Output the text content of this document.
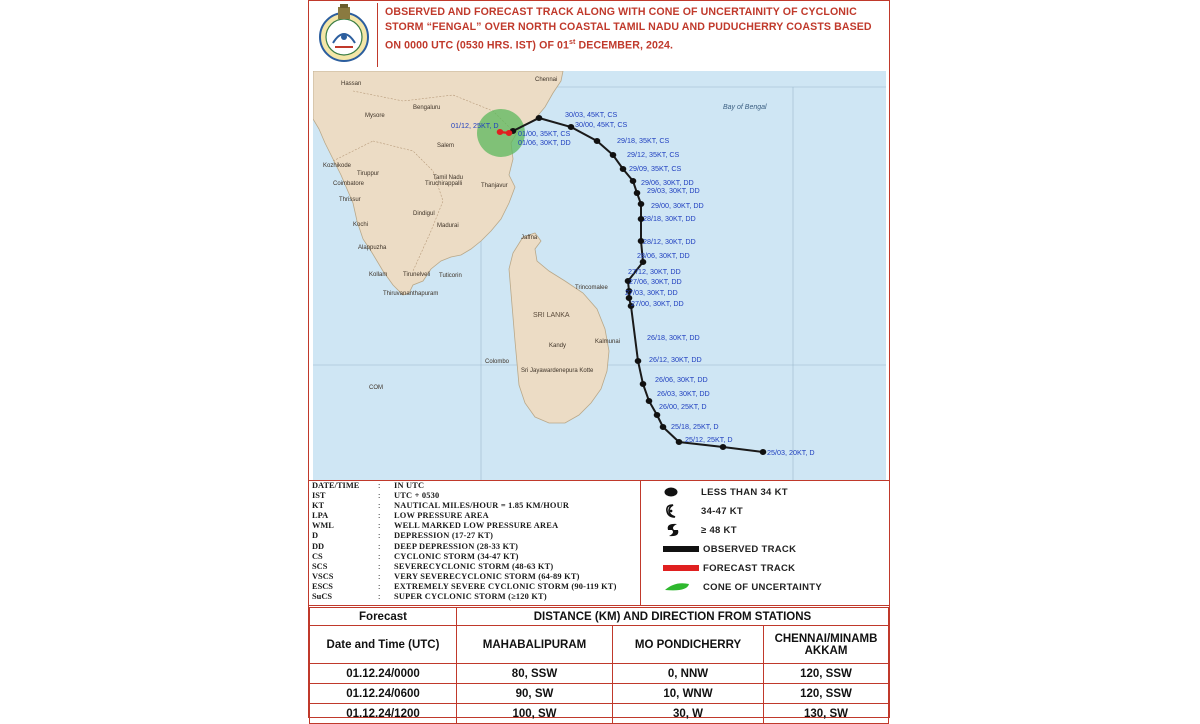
OBSERVED AND FORECAST TRACK ALONG WITH CONE OF UNCERTAINITY OF CYCLONIC
STORM “FENGAL” OVER NORTH COASTAL TAMIL NADU AND PUDUCHERRY COASTS BASED
ON 0000 UTC (0530 HRS. IST) OF 01st DECEMBER, 2024.
25/03, 20KT, D
25/12, 25KT, D
25/18, 25KT, D
26/00, 25KT, D
26/03, 30KT, DD
26/06, 30KT, DD
26/12, 30KT, DD
26/18, 30KT, DD
27/00, 30KT, DD
27/03, 30KT, DD
27/06, 30KT, DD
27/12, 30KT, DD
28/06, 30KT, DD
28/12, 30KT, DD
28/18, 30KT, DD
29/00, 30KT, DD
29/03, 30KT, DD
29/06, 30KT, DD
29/09, 35KT, CS
29/12, 35KT, CS
29/18, 35KT, CS
30/00, 45KT, CS
30/03, 45KT, CS
01/00, 35KT, CS
01/06, 30KT, DD
01/12, 25KT, D
Bay of Bengal
SRI LANKA
Chennai
Bengaluru
Mysore
Salem
Tamil Nadu
Kozhikode
Coimbatore
Tiruppur
Thrissur
Kochi
Tiruchirappalli	Thanjavur
Dindigul
Madurai
Alappuzha
Kollam	Tirunelveli Tuticorin
Thiruvananthapuram
Jaffna
Trincomalee
Kalmunai
Kandy
Colombo
Sri Jayawardenepura Kotte
Hassan
COM
DATE/TIME	:	IN UTC
IST	:	UTC + 0530
KT	:	NAUTICAL MILES/HOUR = 1.85 KM/HOUR
LPA	:	LOW PRESSURE AREA
WML	:	WELL MARKED LOW PRESSURE AREA
D	:	DEPRESSION (17-27 KT)
DD	:	DEEP DEPRESSION (28-33 KT)
CS	:	CYCLONIC STORM (34-47 KT)
SCS	:	SEVERECYCLONIC STORM (48-63 KT)
VSCS	:	VERY SEVERECYCLONIC STORM (64-89 KT)
ESCS	:	EXTREMELY SEVERE CYCLONIC STORM (90-119 KT)
SuCS	:	SUPER CYCLONIC STORM (≥120 KT)
LESS THAN 34 KT
34-47 KT
≥ 48 KT
OBSERVED TRACK
FORECAST TRACK
CONE OF UNCERTAINTY
Forecast	DISTANCE (KM) AND DIRECTION FROM STATIONS		
Date and Time (UTC)	MAHABALIPURAM	MO PONDICHERRY	CHENNAI/MINAMB
AKKAM
01.12.24/0000	80, SSW	0, NNW	120, SSW
01.12.24/0600	90, SW	10, WNW	120, SSW
01.12.24/1200	100, SW	30, W	130, SW
